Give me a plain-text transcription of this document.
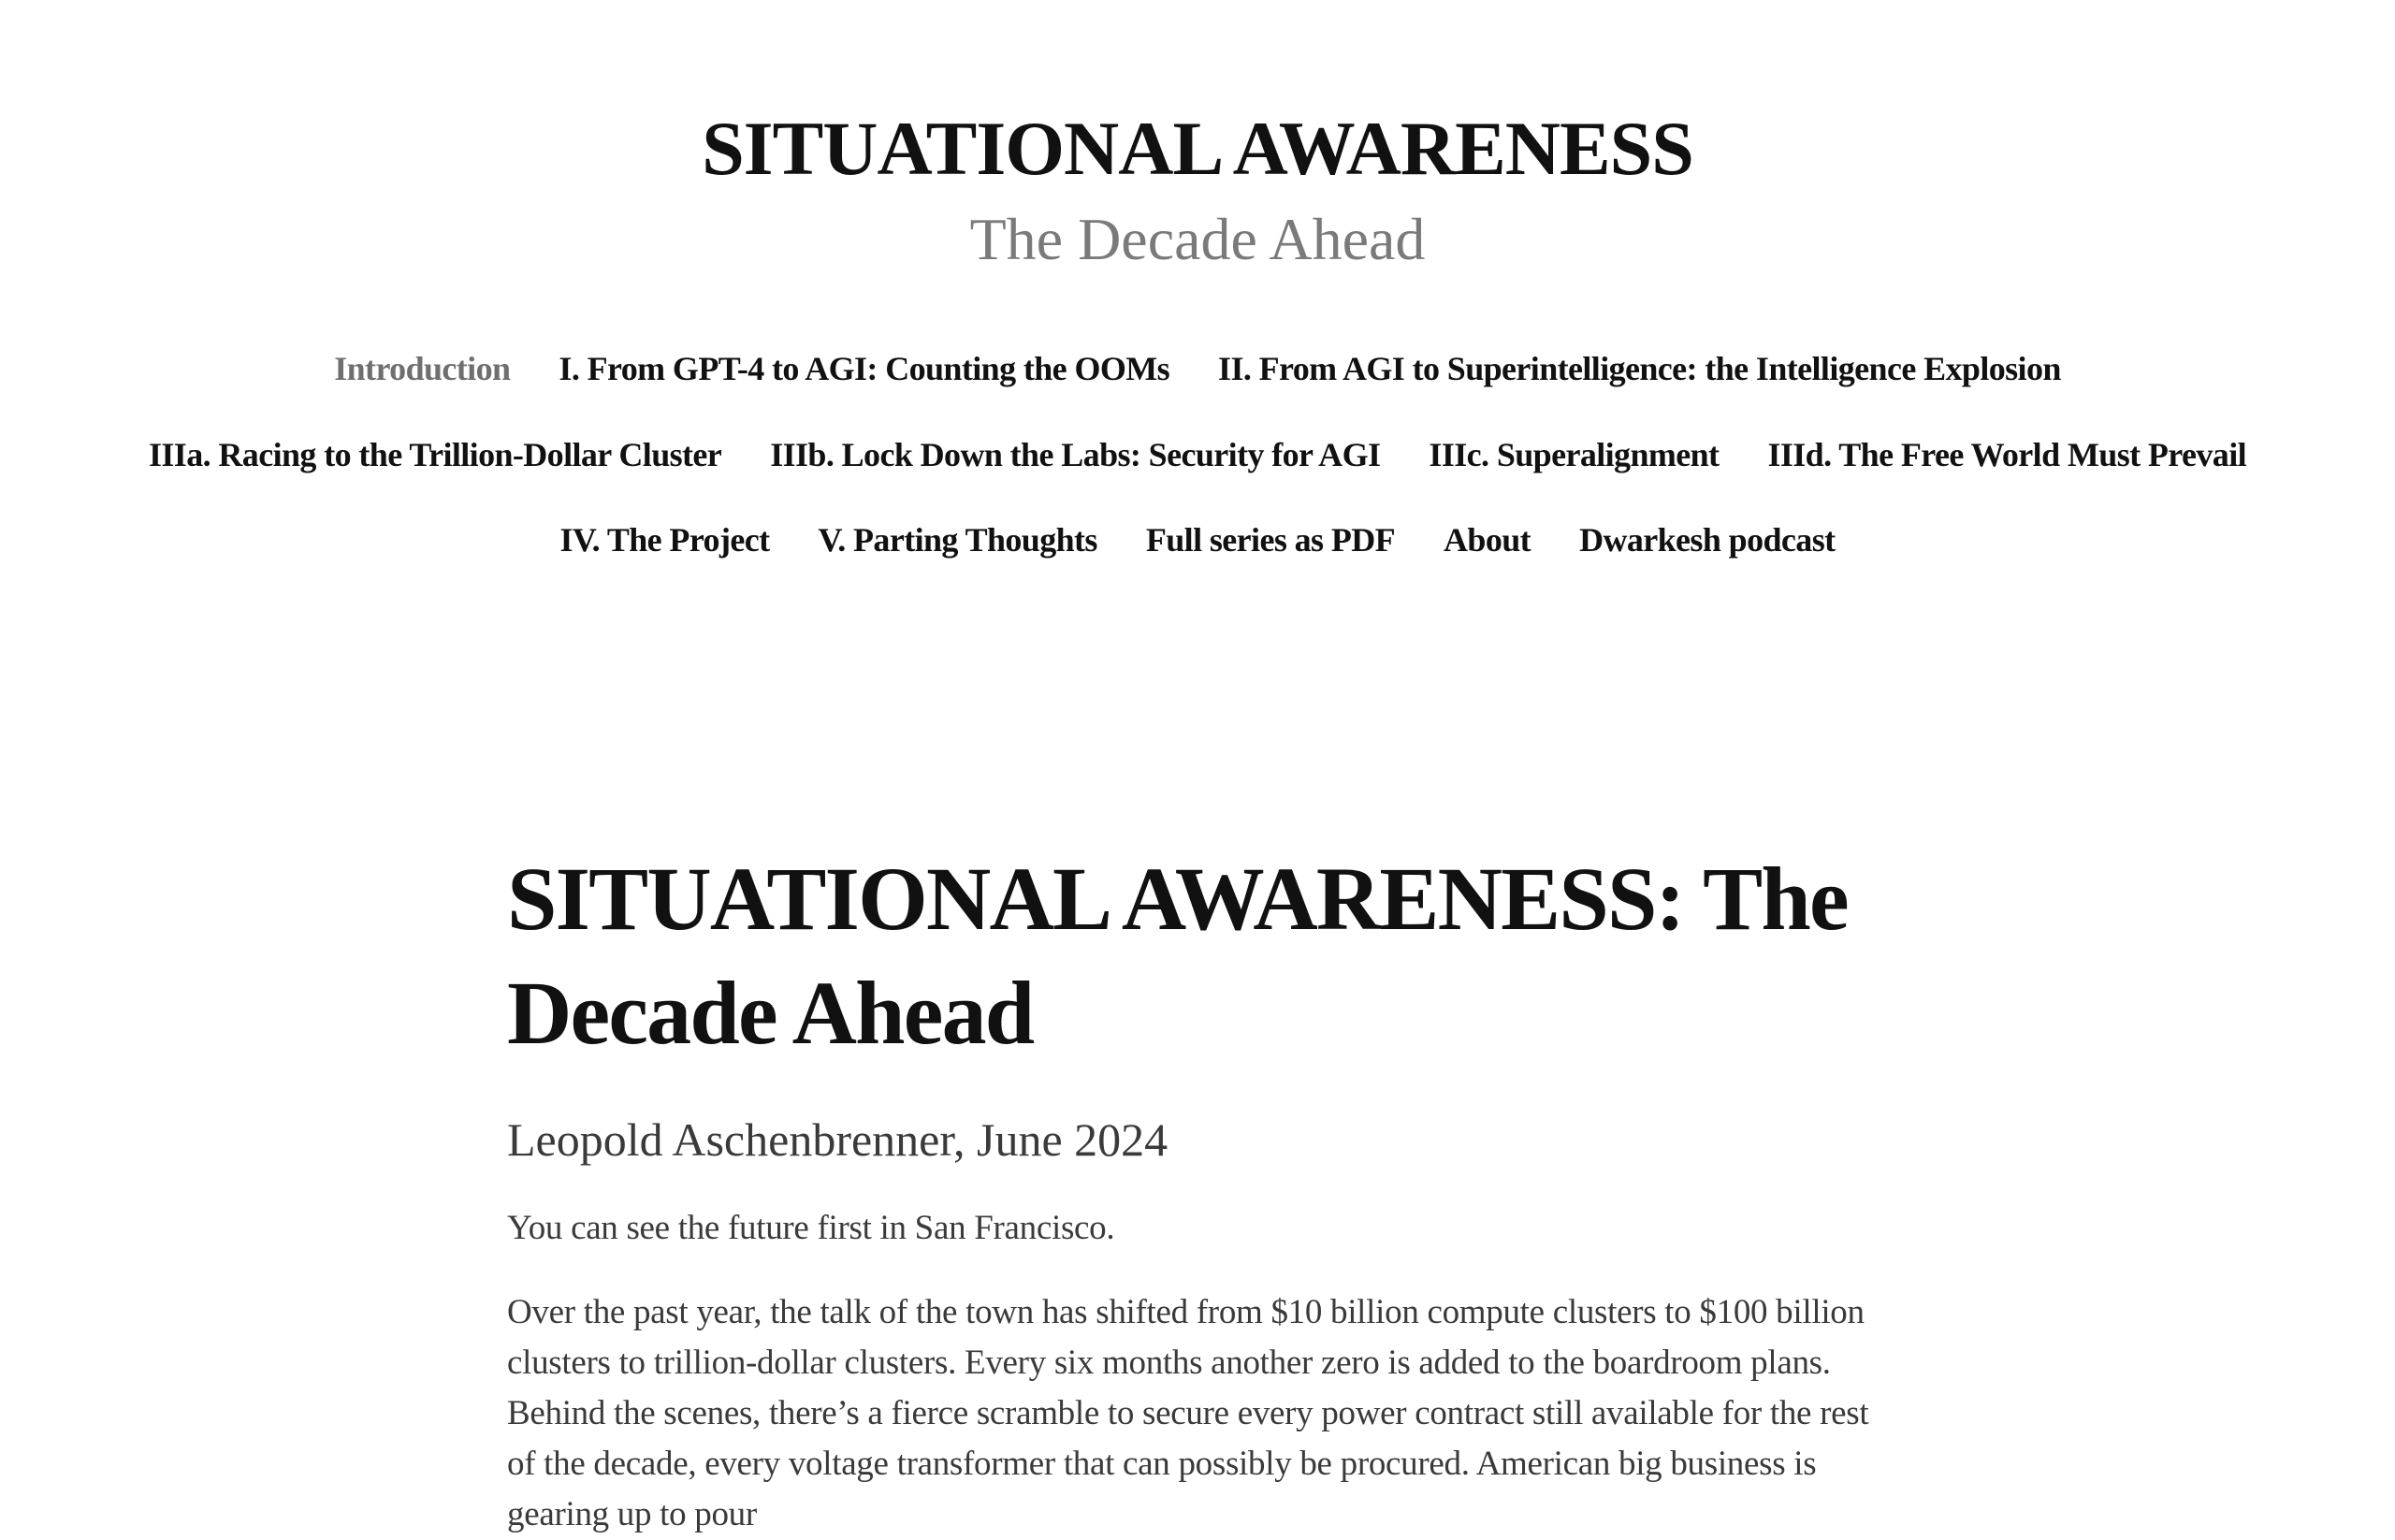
SITUATIONAL AWARENESS
The Decade Ahead
Introduction I. From GPT-4 to AGI: Counting the OOMs II. From AGI to Superintelligence: the Intelligence Explosion
IIIa. Racing to the Trillion-Dollar Cluster IIIb. Lock Down the Labs: Security for AGI IIIc. Superalignment IIId. The Free World Must Prevail
IV. The Project V. Parting Thoughts Full series as PDF About Dwarkesh podcast
SITUATIONAL AWARENESS: The Decade Ahead
Leopold Aschenbrenner, June 2024

You can see the future first in San Francisco.

Over the past year, the talk of the town has shifted from $10 billion compute clusters to $100 billion clusters to trillion-dollar clusters. Every six months another zero is added to the boardroom plans. Behind the scenes, there’s a fierce scramble to secure every power contract still available for the rest of the decade, every voltage transformer that can possibly be procured. American big business is gearing up to pour
